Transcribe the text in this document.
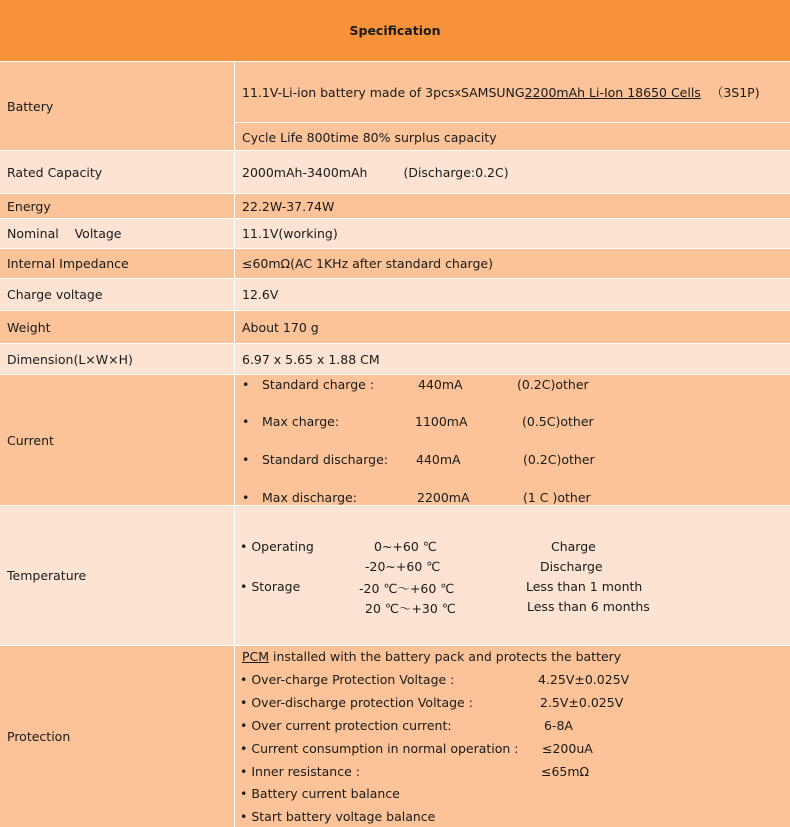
Specification
Battery
11.1V-Li-ion battery made of 3pcs x SAMSUNG 2200mAh Li-Ion 18650 Cells （3S1P)
Cycle Life 800time 80% surplus capacity
Rated Capacity	2000mAh-3400mAh	(Discharge:0.2C)
Energy	22.2W-37.74W
Nominal    Voltage	11.1V(working)
Internal Impedance	≤60mΩ(AC 1KHz after standard charge)
Charge voltage	12.6V
Weight	About 170 g
Dimension(L×W×H)	6.97 x 5.65 x 1.88 CM
Current
• Standard charge :	440mA	(0.2C)other
• Max charge:	1100mA	(0.5C)other
• Standard discharge: 440mA	(0.2C)other
• Max discharge:	2200mA	(1 C )other
Temperature
• Operating	0~+60 ℃	Charge
-20~+60 ℃	Discharge
• Storage	-20 ℃～+60 ℃	Less than 1 month
20 ℃～+30 ℃	Less than 6 months
Protection
PCM installed with the battery pack and protects the battery
• Over-charge Protection Voltage :	4.25V±0.025V
• Over-discharge protection Voltage :	2.5V±0.025V
• Over current protection current:	6-8A
• Current consumption in normal operation : ≤200uA
• Inner resistance :	≤65mΩ
• Battery current balance
• Start battery voltage balance
